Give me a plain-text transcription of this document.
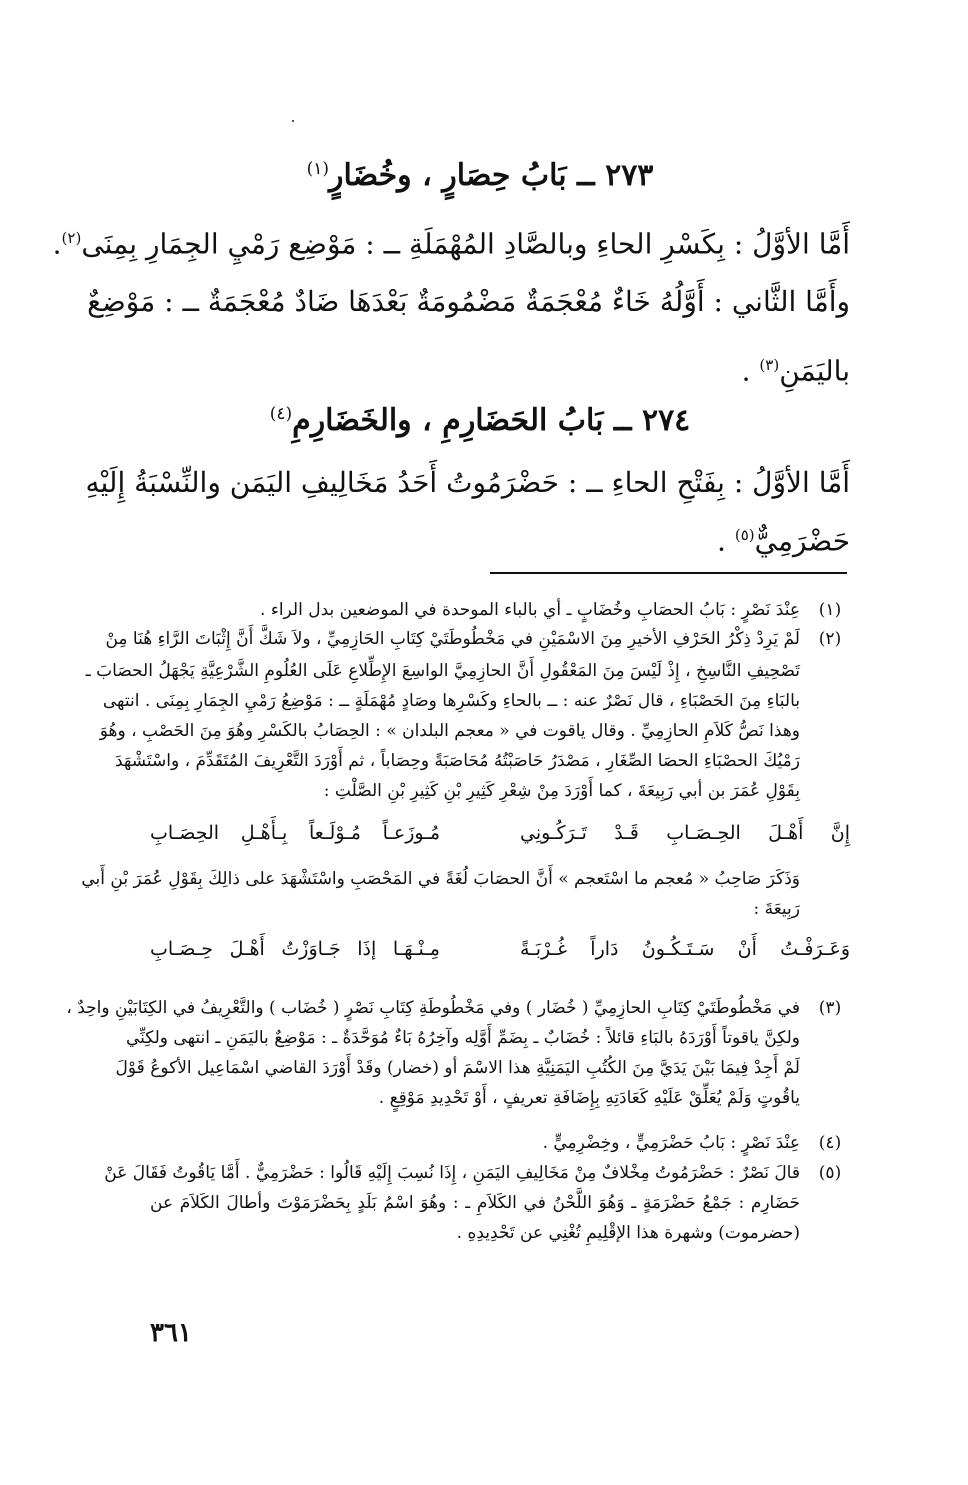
٢٧٣ ــ بَابُ حِصَارٍ ، وخُضَارٍ$^{(١)}$
أَمَّا الأوَّلُ : بِكَسْرِ الحاءِ وبالصَّادِ المُهْمَلَةِ ــ : مَوْضِع رَمْيِ الجِمَارِ بِمِنَى$^{(٢)}$.
وأَمَّا الثَّاني : أَوَّلُهُ خَاءٌ مُعْجَمَةٌ مَضْمُومَةٌ بَعْدَهَا ضَادٌ مُعْجَمَةٌ ــ : مَوْضِعٌ
باليَمَنِ$^{(٣)}$ .
٢٧٤ ــ بَابُ الحَضَارِمِ ، والخَضَارِمِ$^{(٤)}$
أَمَّا الأوَّلُ : بِفَتْحِ الحاءِ ــ : حَضْرَمُوتُ أَحَدُ مَخَالِيفِ اليَمَن والنِّسْبَةُ إِلَيْهِ
حَضْرَمِيٌّ$^{(٥)}$ .
(١)
عِنْدَ نَصْرٍ : بَابُ الحصَابِ وخُضَابٍ ـ أي بالباء الموحدة في الموضعين بدل الراء .
(٢)
لَمْ يَرِدْ ذِكْرُ الحَرْفِ الأخيرِ مِنَ الاسْمَيْنِ في مَخْطُوطَتَيْ كِتَابِ الحَازِمِيِّ ، ولاَ شَكَّ أَنَّ إِثْبَاتَ الرَّاءِ هُنَا مِنْ
تَصْحِيفِ النَّاسِخِ ، إِذْ لَيْسَ مِنَ المَعْقُولِ أَنَّ الحازِمِيَّ الواسِعَ الإِطِّلاعِ عَلَى العُلُومِ الشَّرْعِيَّةِ يَجْهَلُ الحصَابَ ـ
بالبَاءِ مِنَ الحَصْبَاءِ ، قال نَصْرٌ عنه : ــ بالحاءِ وكَسْرِها وصَادٍ مُهْمَلَةٍ ــ : مَوْضِعُ رَمْيِ الجِمَارِ بِمِنَى . انتهى
وهذا نَصُّ كَلاَمِ الحازِمِيِّ . وقال ياقوت في « معجم البلدان » : الحِصَابُ بالكَسْرِ وهُوَ مِنَ الحَصْبِ ، وهُوَ
رَمْيُكَ الحصْبَاءِ الحصَا الصِّغَارِ ، مَصْدَرُ حَاصَبْتُهُ مُحَاصَبَةً وحِصَاباً ، ثم أَوْرَدَ التَّعْرِيفَ المُتَقَدِّمَ ، واسْتَشْهَدَ
بِقَوْلِ عُمَرَ بن أبي رَبِيعَةَ ، كما أَوْرَدَ مِنْ شِعْرِ كَثِيرِ بْنِ كَثِيرِ بْنِ الصَّلْتِ :
إِنَّ أَهْـلَ الحِـصَـابِ قَـدْ تَـرَكُـونِي
مُـوزَعـاً مُـوْلَـعاً بِـأَهْـلِ الحِصَـابِ
وَذَكَرَ صَاحِبُ « مُعجم ما اسْتَعجم » أَنَّ الحصَابَ لُغَةً في المَحْصَبِ واسْتَشْهَدَ على ذالِكَ بِقَوْلِ عُمَرَ بْنِ أَبي
رَبِيعَةَ :
وَعَـرَفْـتُ أَنْ سَـتَـكُـونُ دَاراً غُـرْبَـةً
مِـنْـهَـا إذَا جَـاوَزْتُ أَهْـلَ حِـصَـابِ
(٣)
في مَخْطُوطَتَيْ كِتَابِ الحازِمِيِّ ( خُضَار ) وفي مَخْطُوطَةِ كِتَابِ نَصْرٍ ( خُضَاب ) والتَّعْرِيفُ في الكِتَابَيْنِ واحِدٌ ،
ولكِنَّ ياقوتاً أَوْرَدَهُ بالبَاءِ قائلاً : خُضَابٌ ـ بِضَمِّ أَوَّلِه وآخِرُهُ بَاءٌ مُوَحَّدَةٌ ـ : مَوْضِعٌ باليَمَنِ ـ انتهى ولكِنِّي
لَمْ أَجِدْ فِيمَا بَيْنَ يَدَيَّ مِنَ الكُتُبِ اليَمَنِيَّةِ هذا الاسْمَ أو (خضار) وقَدْ أَوْرَدَ القاضي اسْمَاعِيل الأكوعُ قَوْلَ
ياقُوتٍ وَلَمْ يُعَلِّقْ عَلَيْهِ كَعَادَتِهِ بِإِضَافَةِ تعريفٍ ، أَوْ تَحْدِيدِ مَوْقِعٍ .
(٤)
عِنْدَ نَصْرٍ : بَابُ حَضْرَمِيٍّ ، وخِضْرِمِيٍّ .
(٥)
قالَ نَصْرٌ : حَضْرَمُوتُ مِخْلافٌ مِنْ مَخَالِيفِ اليَمَنِ ، إِذَا نُسِبَ إِلَيْهِ قَالُوا : حَضْرَمِيٌّ . أَمَّا يَاقُوتُ فَقَالَ عَنْ
حَضَارِم : جَمْعُ حَضْرَمَةٍ ـ وَهُوَ اللَّحْنُ في الكَلاَمِ ـ : وهُوَ اسْمُ بَلَدٍ بِحَضْرَمَوْتَ وأطالَ الكَلاَمَ عن
(حضرموت) وشهرة هذا الإقْلِيمِ تُغْنِي عن تَحْدِيدِهِ .
٣٦١
